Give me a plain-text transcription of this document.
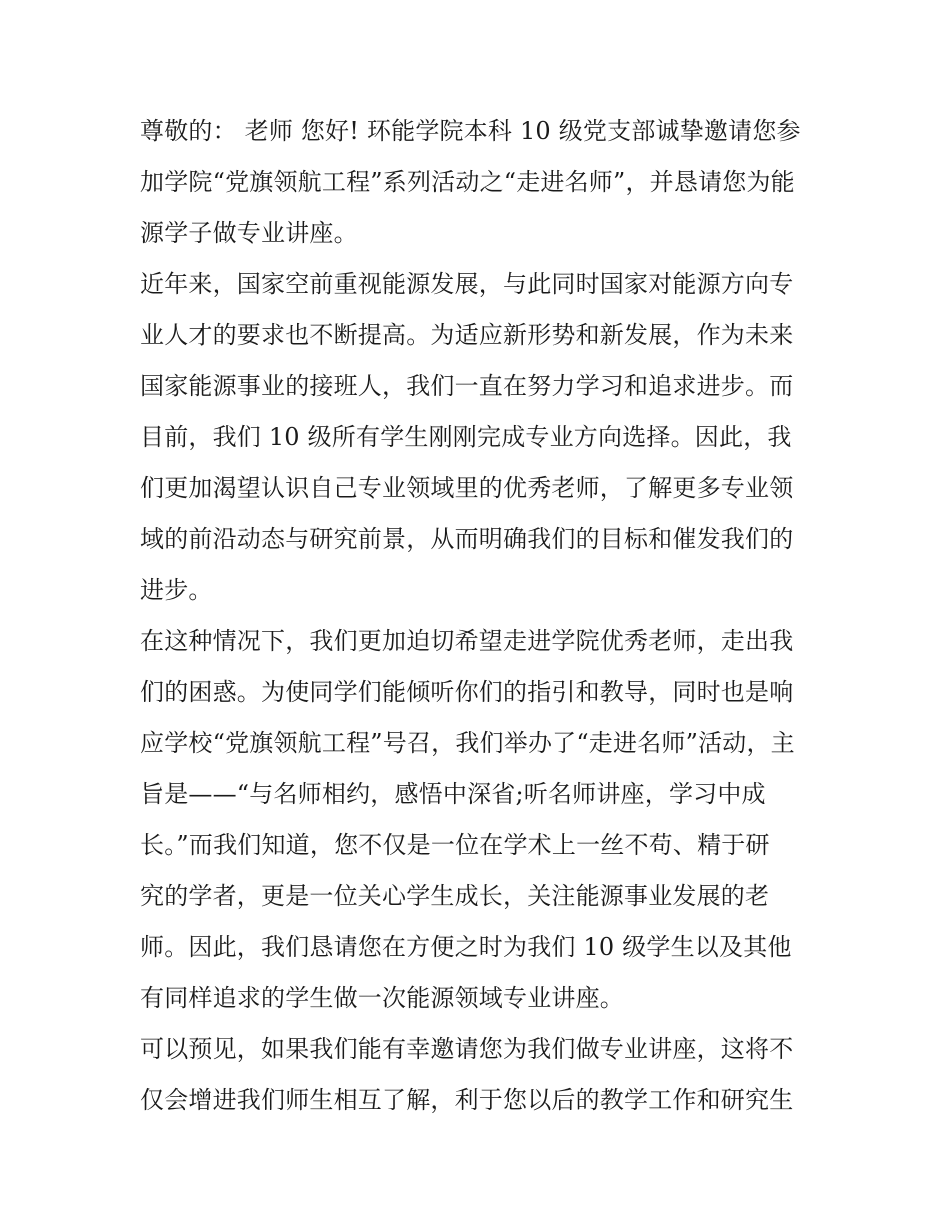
尊敬的： 老师 您好! 环能学院本科 10 级党支部诚挚邀请您参
加学院“党旗领航工程”系列活动之“走进名师”，并恳请您为能
源学子做专业讲座。
近年来，国家空前重视能源发展，与此同时国家对能源方向专
业人才的要求也不断提高。为适应新形势和新发展，作为未来
国家能源事业的接班人，我们一直在努力学习和追求进步。而
目前，我们 10 级所有学生刚刚完成专业方向选择。因此，我
们更加渴望认识自己专业领域里的优秀老师，了解更多专业领
域的前沿动态与研究前景，从而明确我们的目标和催发我们的
进步。
在这种情况下，我们更加迫切希望走进学院优秀老师，走出我
们的困惑。为使同学们能倾听你们的指引和教导，同时也是响
应学校“党旗领航工程”号召，我们举办了“走进名师”活动，主
旨是——“与名师相约，感悟中深省;听名师讲座，学习中成
长。”而我们知道，您不仅是一位在学术上一丝不苟、精于研
究的学者，更是一位关心学生成长，关注能源事业发展的老
师。因此，我们恳请您在方便之时为我们 10 级学生以及其他
有同样追求的学生做一次能源领域专业讲座。
可以预见，如果我们能有幸邀请您为我们做专业讲座，这将不
仅会增进我们师生相互了解，利于您以后的教学工作和研究生
